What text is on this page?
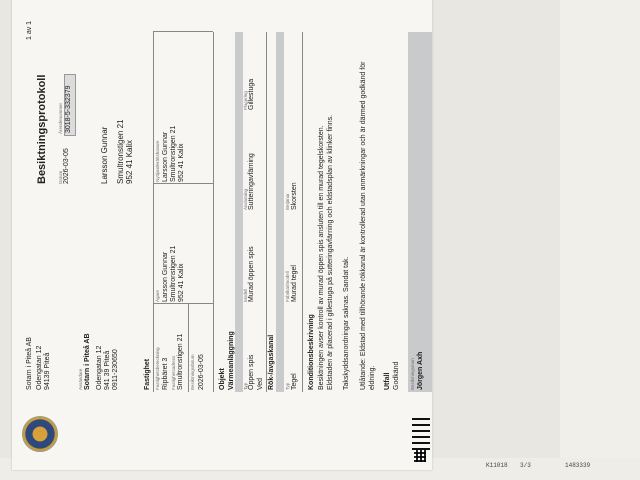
K11018 3/3	1483339
Sotarn i Piteå AB Odengatan 12 94139 Piteå
1 av 1
Besiktningsprotokoll Datum 2026-03-05
Ärendenummer 3018-5-332379
Avsändare Sotarn i Piteå AB Odengatan 12 941 39 Piteå 0911-230650
Larsson Gunnar Smultronstigen 21 952 41 Kalix
Fastighet Fastighetsbeteckning Ripbäret 3 Fastighetsadress Smultronstigen 21
Ägare Larsson Gunnar Smultronstigen 21 952 41 Kalix
Nyttjanderättshavare Larsson Gunnar Smultronstigen 21 952 41 Kalix
Besiktningsdatum 2026-03-05 Objekt Värmeanläggning Typ Öppen spis
Modell Murad öppen spis
Anslutning Sutteringavfärning
Placering Gillestuga
Ved Rök-/avgaskanal Typ Tegel
Fabrikat/modell Murad tegel
Betjänar Skorsten
Konditionsbeskrivning Besiktningen avser kontroll av murad öppen spis ansluten till en murad tegelskorsten. Eldstaden är placerad i gillestuga på sutteringavfärning och eldstadsplan av klinker finns. Takskyddsanordningar saknas. Sandat tak. Utlåtande: Eldstad med tillhörande rökkanal är kontrollerad utan anmärkningar och är därmed godkänd för eldning. Utfall Godkänd Besiktningsman Jörgen Axh
